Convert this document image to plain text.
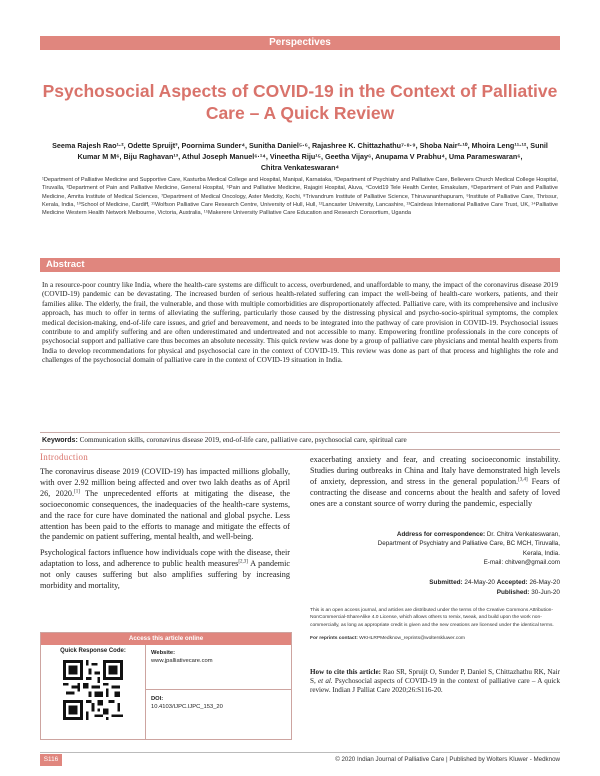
Perspectives
Psychosocial Aspects of COVID-19 in the Context of Palliative Care – A Quick Review
Seema Rajesh Rao¹·², Odette Spruijt³, Poornima Sunder⁴, Sunitha Daniel⁵·⁶, Rajashree K. Chittazhathu⁷·⁸·⁹, Shoba Nair²·¹⁰, Mhoira Leng¹¹·¹², Sunil Kumar M M⁶, Biju Raghavan¹³, Athul Joseph Manuel⁶·¹⁴, Vineetha Riju¹⁵, Geetha Vijay⁶, Anupama V Prabhu⁴, Uma Parameswaran⁶,
Chitra Venkateswaran⁴
¹Department of Palliative Medicine and Supportive Care, Kasturba Medical College and Hospital, Manipal, Karnataka, ²Department of Psychiatry and Palliative Care, Believers Church Medical College Hospital, Tiruvalla, ³Department of Pain and Palliative Medicine, General Hospital, ⁵Pain and Palliative Medicine, Rajagiri Hospital, Aluva, ⁴Covid19 Tele Health Center, Ernakulam, ⁶Department of Pain and Palliative Medicine, Amrita Institute of Medical Sciences, ⁷Department of Medical Oncology, Aster Medcity, Kochi, ⁸Trivandrum Institute of Palliative Science, Thiruvananthapuram, ⁹Institute of Palliative Care, Thrissur, Kerala, India, ¹⁰School of Medicine, Cardiff, ¹¹Wolfson Palliative Care Research Centre, University of Hull, Hull, ¹²Lancaster University, Lancashire, ¹³Cairdeas International Palliative Care Trust, UK, ¹⁴Palliative Medicine Western Health Network Melbourne, Victoria, Australia, ¹⁵Makerere University Palliative Care Education and Research Consortium, Uganda
Abstract
In a resource-poor country like India, where the health-care systems are difficult to access, overburdened, and unaffordable to many, the impact of the coronavirus disease 2019 (COVID-19) pandemic can be devastating. The increased burden of serious health-related suffering can impact the well-being of health-care workers, patients, and their families alike. The elderly, the frail, the vulnerable, and those with multiple comorbidities are disproportionately affected. Palliative care, with its comprehensive and inclusive approach, has much to offer in terms of alleviating the suffering, particularly those caused by the distressing physical and psycho-socio-spiritual symptoms, the complex medical decision-making, end-of-life care issues, and grief and bereavement, and needs to be integrated into the pathway of care provision in COVID-19. Psychosocial issues contribute to and amplify suffering and are often underestimated and undertreated and not accessible to many. Empowering frontline professionals in the core concepts of psychosocial support and palliative care thus becomes an absolute necessity. This quick review was done by a group of palliative care physicians and mental health experts from India to develop recommendations for physical and psychosocial care in the context of COVID-19. This review was done as part of that process and highlights the role and challenges of the psychosocial domain of palliative care in the context of COVID-19 situation in India.
Keywords: Communication skills, coronavirus disease 2019, end-of-life care, palliative care, psychosocial care, spiritual care
Introduction

The coronavirus disease 2019 (COVID-19) has impacted millions globally, with over 2.92 million being affected and over two lakh deaths as of April 26, 2020.[1] The unprecedented efforts at mitigating the disease, the socioeconomic consequences, the inadequacies of the health-care systems, and the race for cure have dominated the national and global psyche. Less attention has been paid to the efforts to manage and mitigate the effects of the pandemic on patient suffering, mental health, and well-being.

Psychological factors influence how individuals cope with the disease, their adaptation to loss, and adherence to public health measures[2,3] A pandemic not only causes suffering but also amplifies suffering by increasing morbidity and mortality,

exacerbating anxiety and fear, and creating socioeconomic instability. Studies during outbreaks in China and Italy have demonstrated high levels of anxiety, depression, and stress in the general population.[3,4] Fears of contracting the disease and concerns about the health and safety of loved ones are a constant source of worry during the pandemic, especially

Address for correspondence: Dr. Chitra Venkateswaran,
Department of Psychiatry and Palliative Care, BC MCH, Tiruvalla,
Kerala, India.
E-mail: chitven@gmail.com
Submitted: 24-May-20 Accepted: 26-May-20
Published: 30-Jun-20
This is an open access journal, and articles are distributed under the terms of the Creative Commons Attribution-NonCommercial-ShareAlike 4.0 License, which allows others to remix, tweak, and build upon the work non-commercially, as long as appropriate credit is given and the new creations are licensed under the identical terms.
For reprints contact: WKHLRPMedknow_reprints@wolterskluwer.com
How to cite this article: Rao SR, Spruijt O, Sunder P, Daniel S, Chittazhathu RK, Nair S, et al. Psychosocial aspects of COVID-19 in the context of palliative care – A quick review. Indian J Palliat Care 2020;26:S116-20.
Access this article online
Quick Response Code:	Website:
www.jpalliativecare.com
DOI:
10.4103/IJPC.IJPC_153_20
S116	© 2020 Indian Journal of Palliative Care | Published by Wolters Kluwer - Medknow
